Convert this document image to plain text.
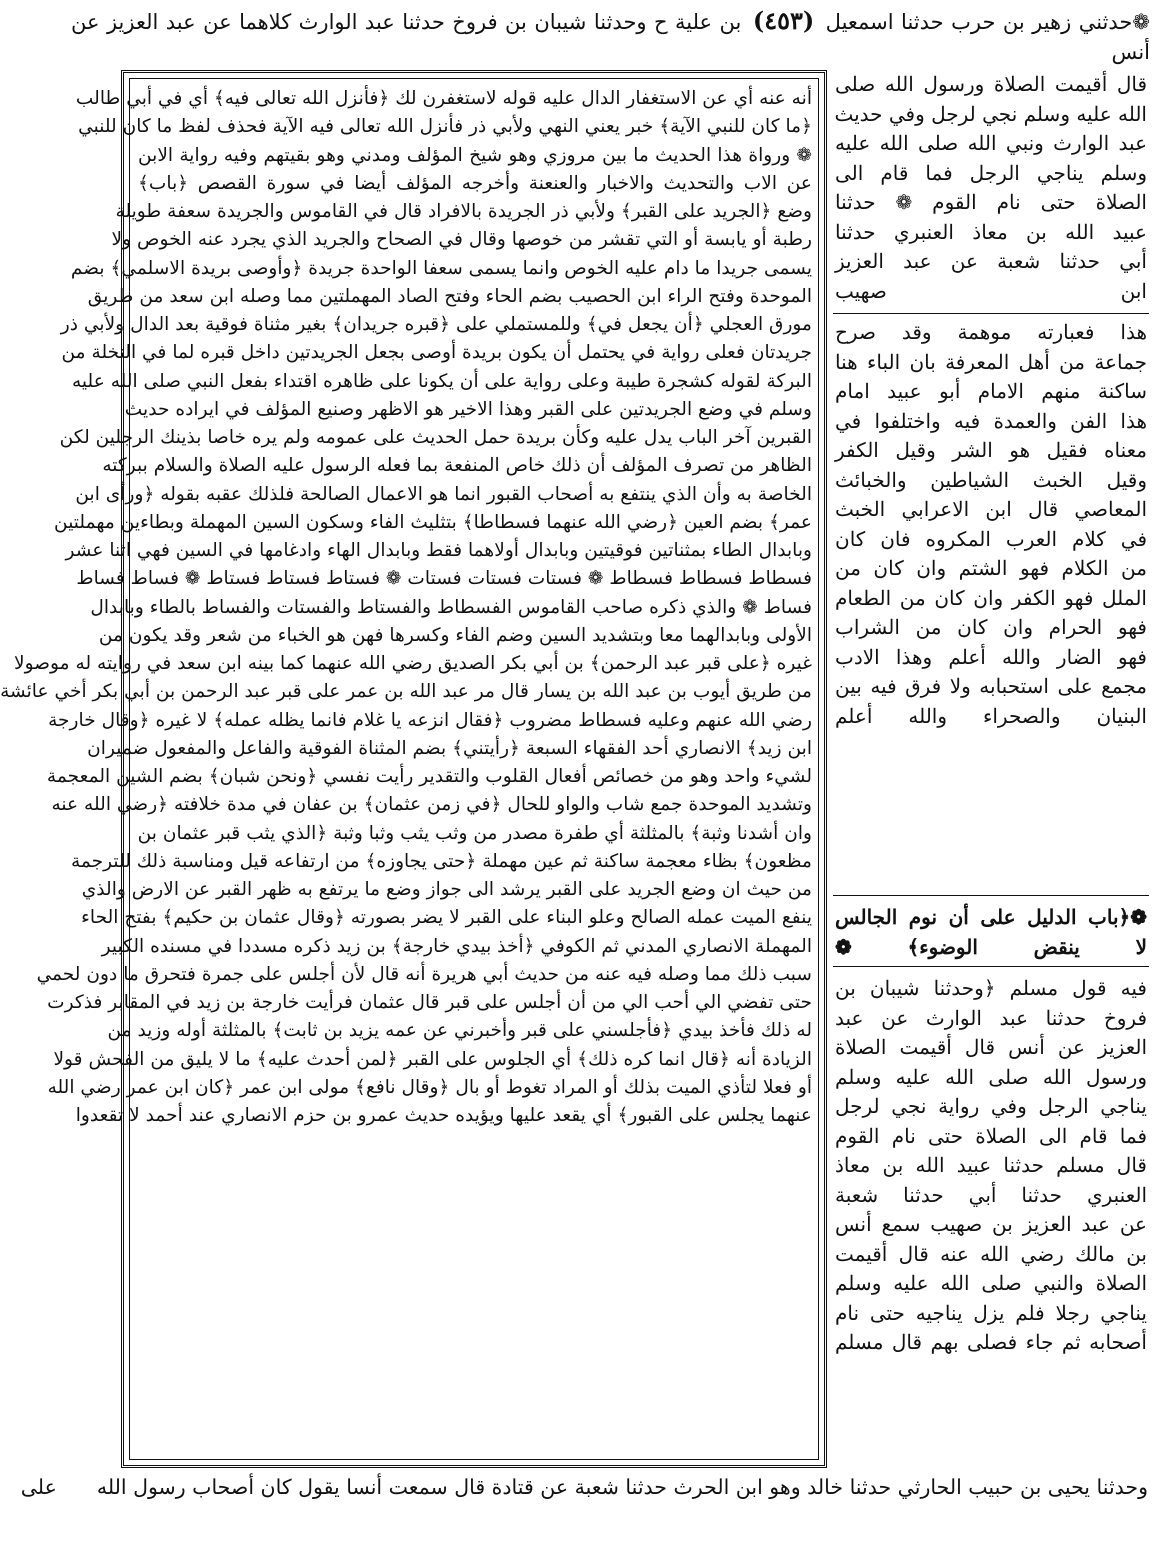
❁حدثني زهير بن حرب حدثنا اسمعيل (٤٥٣) بن علية ح وحدثنا شيبان بن فروخ حدثنا عبد الوارث كلاهما عن عبد العزيز عن أنس
أنه عنه أي عن الاستغفار الدال عليه قوله لاستغفرن لك ﴿فأنزل الله تعالى فيه﴾ أي في أبي طالب
﴿ما كان للنبي الآية﴾ خبر يعني النهي ولأبي ذر فأنزل الله تعالى فيه الآية فحذف لفظ ما كان للنبي
❁ ورواة هذا الحديث ما بين مروزي وهو شيخ المؤلف ومدني وهو بقيتهم وفيه رواية الابن
عن الاب والتحديث والاخبار والعنعنة وأخرجه المؤلف أيضا في سورة القصص ﴿باب﴾
وضع ﴿الجريد على القبر﴾ ولأبي ذر الجريدة بالافراد قال في القاموس والجريدة سعفة طويلة
رطبة أو يابسة أو التي تقشر من خوصها وقال في الصحاح والجريد الذي يجرد عنه الخوص ولا
يسمى جريدا ما دام عليه الخوص وانما يسمى سعفا الواحدة جريدة ﴿وأوصى بريدة الاسلمي﴾ بضم
الموحدة وفتح الراء ابن الحصيب بضم الحاء وفتح الصاد المهملتين مما وصله ابن سعد من طريق
مورق العجلي ﴿أن يجعل في﴾ وللمستملي على ﴿قبره جريدان﴾ بغير مثناة فوقية بعد الدال ولأبي ذر
جريدتان فعلى رواية في يحتمل أن يكون بريدة أوصى بجعل الجريدتين داخل قبره لما في النخلة من
البركة لقوله كشجرة طيبة وعلى رواية على أن يكونا على ظاهره اقتداء بفعل النبي صلى الله عليه
وسلم في وضع الجريدتين على القبر وهذا الاخير هو الاظهر وصنيع المؤلف في ايراده حديث
القبرين آخر الباب يدل عليه وكأن بريدة حمل الحديث على عمومه ولم يره خاصا بذينك الرجلين لكن
الظاهر من تصرف المؤلف أن ذلك خاص المنفعة بما فعله الرسول عليه الصلاة والسلام ببركته
الخاصة به وأن الذي ينتفع به أصحاب القبور انما هو الاعمال الصالحة فلذلك عقبه بقوله ﴿ورأى ابن
عمر﴾ بضم العين ﴿رضي الله عنهما فسطاطا﴾ بتثليث الفاء وسكون السين المهملة وبطاءين مهملتين
وبابدال الطاء بمثناتين فوقيتين وبابدال أولاهما فقط وبابدال الهاء وادغامها في السين فهي اثنا عشر
فسطاط فسطاط فسطاط ❁ فستات فستات فستات ❁ فستاط فستاط فستاط ❁ فساط فساط
فساط ❁ والذي ذكره صاحب القاموس الفسطاط والفستاط والفستات والفساط بالطاء وبابدال
الأولى وبابدالهما معا وبتشديد السين وضم الفاء وكسرها فهن هو الخباء من شعر وقد يكون من
غيره ﴿على قبر عبد الرحمن﴾ بن أبي بكر الصديق رضي الله عنهما كما بينه ابن سعد في روايته له موصولا
من طريق أيوب بن عبد الله بن يسار قال مر عبد الله بن عمر على قبر عبد الرحمن بن أبي بكر أخي عائشة
رضي الله عنهم وعليه فسطاط مضروب ﴿فقال انزعه يا غلام فانما يظله عمله﴾ لا غيره ﴿وقال خارجة
ابن زيد﴾ الانصاري أحد الفقهاء السبعة ﴿رأيتني﴾ بضم المثناة الفوقية والفاعل والمفعول ضميران
لشيء واحد وهو من خصائص أفعال القلوب والتقدير رأيت نفسي ﴿ونحن شبان﴾ بضم الشين المعجمة
وتشديد الموحدة جمع شاب والواو للحال ﴿في زمن عثمان﴾ بن عفان في مدة خلافته ﴿رضي الله عنه
وان أشدنا وثبة﴾ بالمثلثة أي طفرة مصدر من وثب يثب وثبا وثبة ﴿الذي يثب قبر عثمان بن
مظعون﴾ بظاء معجمة ساكنة ثم عين مهملة ﴿حتى يجاوزه﴾ من ارتفاعه قيل ومناسبة ذلك للترجمة
من حيث ان وضع الجريد على القبر يرشد الى جواز وضع ما يرتفع به ظهر القبر عن الارض والذي
ينفع الميت عمله الصالح وعلو البناء على القبر لا يضر بصورته ﴿وقال عثمان بن حكيم﴾ بفتح الحاء
المهملة الانصاري المدني ثم الكوفي ﴿أخذ بيدي خارجة﴾ بن زيد ذكره مسددا في مسنده الكبير
سبب ذلك مما وصله فيه عنه من حديث أبي هريرة أنه قال لأن أجلس على جمرة فتحرق ما دون لحمي
حتى تفضي الي أحب الي من أن أجلس على قبر قال عثمان فرأيت خارجة بن زيد في المقابر فذكرت
له ذلك فأخذ بيدي ﴿فأجلسني على قبر وأخبرني عن عمه يزيد بن ثابت﴾ بالمثلثة أوله وزيد من
الزيادة أنه ﴿قال انما كره ذلك﴾ أي الجلوس على القبر ﴿لمن أحدث عليه﴾ ما لا يليق من الفحش قولا
أو فعلا لتأذي الميت بذلك أو المراد تغوط أو بال ﴿وقال نافع﴾ مولى ابن عمر ﴿كان ابن عمر رضي الله
عنهما يجلس على القبور﴾ أي يقعد عليها ويؤيده حديث عمرو بن حزم الانصاري عند أحمد لا تقعدوا
قال أقيمت الصلاة ورسول الله صلى
الله عليه وسلم نجي لرجل وفي حديث
عبد الوارث ونبي الله صلى الله عليه
وسلم يناجي الرجل فما قام الى
الصلاة حتى نام القوم ❁ حدثنا
عبيد الله بن معاذ العنبري حدثنا
أبي حدثنا شعبة عن عبد العزيز
ابن صهيب
هذا فعبارته موهمة وقد صرح
جماعة من أهل المعرفة بان الباء هنا
ساكنة منهم الامام أبو عبيد امام
هذا الفن والعمدة فيه واختلفوا في
معناه فقيل هو الشر وقيل الكفر
وقيل الخبث الشياطين والخبائث
المعاصي قال ابن الاعرابي الخبث
في كلام العرب المكروه فان كان
من الكلام فهو الشتم وان كان من
الملل فهو الكفر وان كان من الطعام
فهو الحرام وان كان من الشراب
فهو الضار والله أعلم وهذا الادب
مجمع على استحبابه ولا فرق فيه بين
البنيان والصحراء والله أعلم
❁﴿باب الدليل على أن نوم الجالس
لا ينقض الوضوء﴾ ❁
فيه قول مسلم ﴿وحدثنا شيبان بن
فروخ حدثنا عبد الوارث عن عبد
العزيز عن أنس قال أقيمت الصلاة
ورسول الله صلى الله عليه وسلم
يناجي الرجل وفي رواية نجي لرجل
فما قام الى الصلاة حتى نام القوم
قال مسلم حدثنا عبيد الله بن معاذ
العنبري حدثنا أبي حدثنا شعبة
عن عبد العزيز بن صهيب سمع أنس
بن مالك رضي الله عنه قال أقيمت
الصلاة والنبي صلى الله عليه وسلم
يناجي رجلا فلم يزل يناجيه حتى نام
أصحابه ثم جاء فصلى بهم قال مسلم
وحدثنا يحيى بن حبيب الحارثي حدثنا خالد وهو ابن الحرث حدثنا شعبة عن قتادة قال سمعت أنسا يقول كان أصحاب رسول الله
على
